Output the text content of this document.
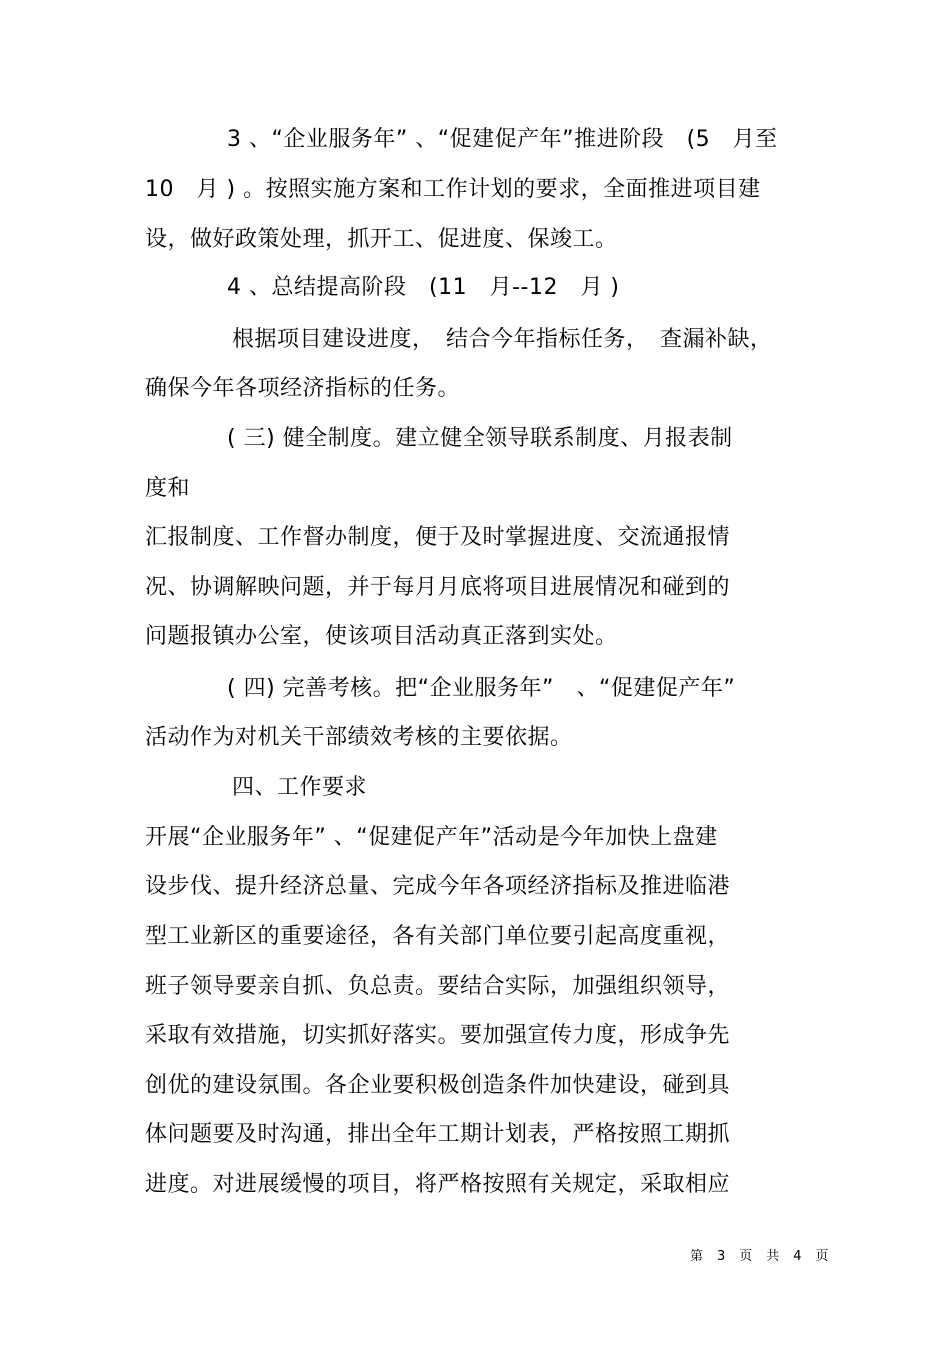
3 、“企业服务年” 、“促建促产年”推进阶段　(5　月至
10　月 ) 。按照实施方案和工作计划的要求，全面推进项目建
设，做好政策处理，抓开工、促进度、保竣工。
4 、总结提高阶段　(11　月--12　月 )
根据项目建设进度，　结合今年指标任务，　查漏补缺，
确保今年各项经济指标的任务。
( 三) 健全制度。建立健全领导联系制度、月报表制
度和
汇报制度、工作督办制度，便于及时掌握进度、交流通报情
况、协调解映问题，并于每月月底将项目进展情况和碰到的
问题报镇办公室，使该项目活动真正落到实处。
( 四) 完善考核。把“企业服务年”　、“促建促产年”
活动作为对机关干部绩效考核的主要依据。
四、工作要求
开展“企业服务年” 、“促建促产年”活动是今年加快上盘建
设步伐、提升经济总量、完成今年各项经济指标及推进临港
型工业新区的重要途径，各有关部门单位要引起高度重视，
班子领导要亲自抓、负总责。要结合实际，加强组织领导，
采取有效措施，切实抓好落实。要加强宣传力度，形成争先
创优的建设氛围。各企业要积极创造条件加快建设，碰到具
体问题要及时沟通，排出全年工期计划表，严格按照工期抓
进度。对进展缓慢的项目，将严格按照有关规定，采取相应
第　3　页　共　4　页
